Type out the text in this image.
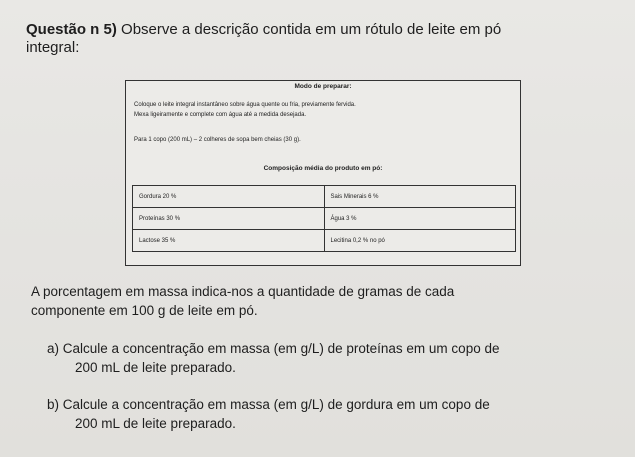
Questão n 5) Observe a descrição contida em um rótulo de leite em pó
integral:
Modo de preparar:
Coloque o leite integral instantâneo sobre água quente ou fria, previamente fervida.
Mexa ligeiramente e complete com água até a medida desejada.
Para 1 copo (200 mL) – 2 colheres de sopa bem cheias (30 g).
Composição média do produto em pó:
Gordura 20 %	Sais Minerais 6 %
Proteínas 30 %	Água 3 %
Lactose 35 %	Lecitina 0,2 % no pó
A porcentagem em massa indica-nos a quantidade de gramas de cada
componente em 100 g de leite em pó.
a) Calcule a concentração em massa (em g/L) de proteínas em um copo de
200 mL de leite preparado.
b) Calcule a concentração em massa (em g/L) de gordura em um copo de
200 mL de leite preparado.
